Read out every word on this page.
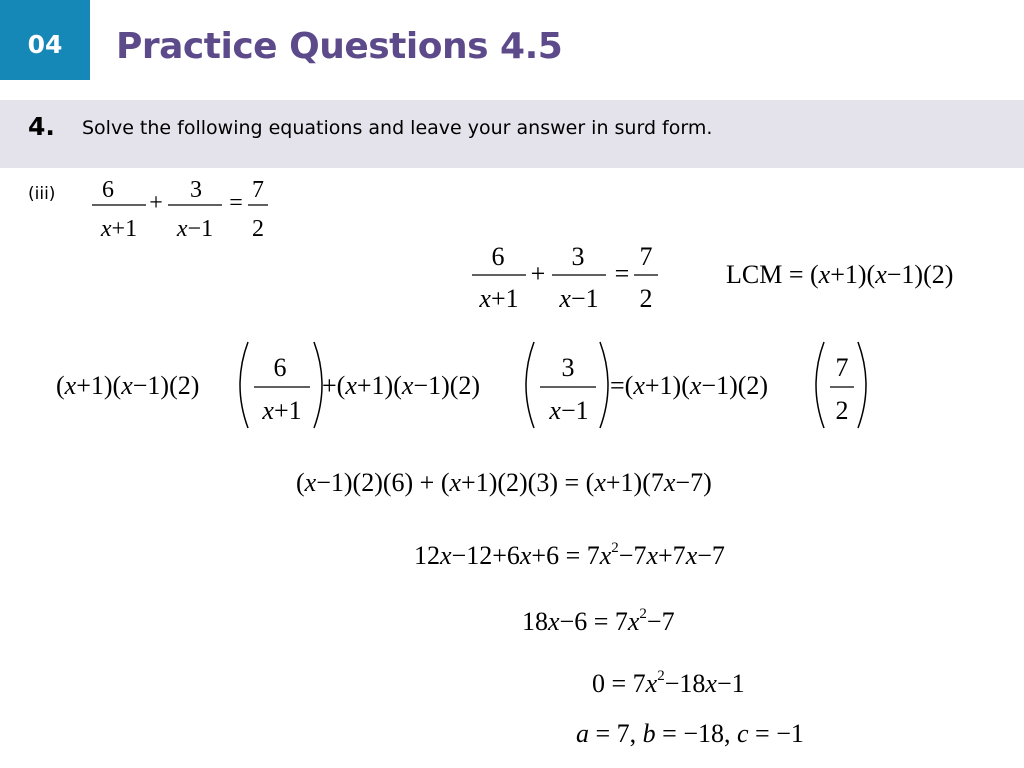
04 Practice Questions 4.5
4. Solve the following equations and leave your answer in surd form.
(iii) 6
x+1
+ 3
x−1
= 7
2
6
x+1
+
3
x−1
=
7
2
LCM = (x+1)(x−1)(2)
(x+1)(x−1)(2)
6
x+1
+(x+1)(x−1)(2)
3
x−1
=(x+1)(x−1)(2)
7
2
(x−1)(2)(6) + (x+1)(2)(3) = (x+1)(7x−7)
$12x-12+6x+6 = 7x^2-7x+7x-7$
$18x-6 = 7x^2-7$
$0 = 7x^2-18x-1$
a = 7, b = −18, c = −1
